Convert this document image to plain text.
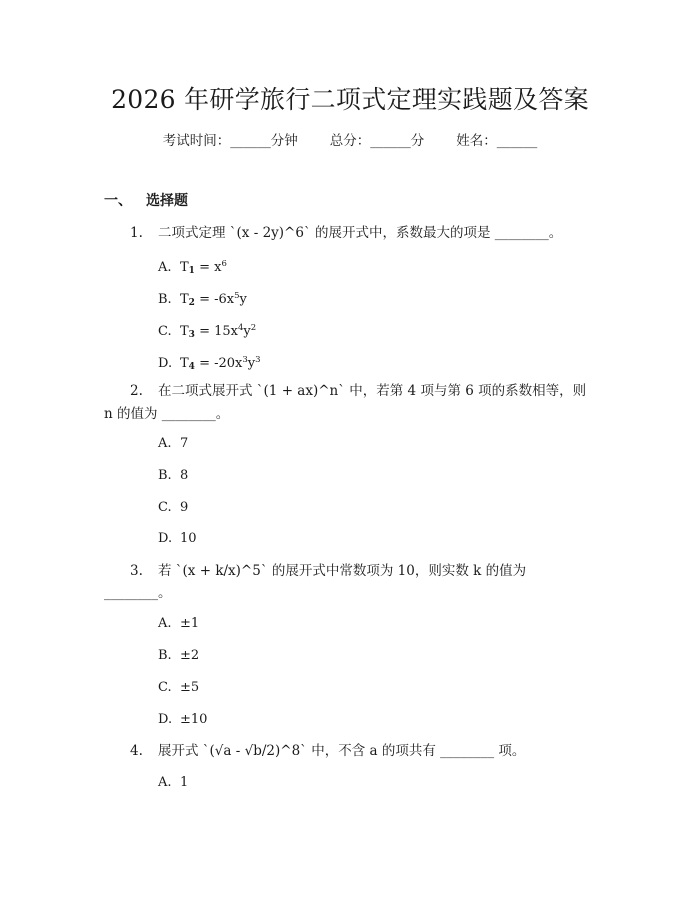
2026 年研学旅行二项式定理实践题及答案
考试时间：______分钟 总分：______分 姓名：______
一、 选择题
1. 二项式定理 `(x - 2y)^6` 的展开式中，系数最大的项是 ________。
A. $T_1 = x^6$
B. $T_2 = -6x^5y$
C. $T_3 = 15x^4y^2$
D. $T_4 = -20x^3y^3$
2. 在二项式展开式 `(1 + ax)^n` 中，若第 4 项与第 6 项的系数相等，则
n 的值为 ________。
A. 7
B. 8
C. 9
D. 10
3. 若 `(x + k/x)^5` 的展开式中常数项为 10，则实数 k 的值为
________。
A. ±1
B. ±2
C. ±5
D. ±10
4. 展开式 `(√a - √b/2)^8` 中，不含 a 的项共有 ________ 项。
A. 1
